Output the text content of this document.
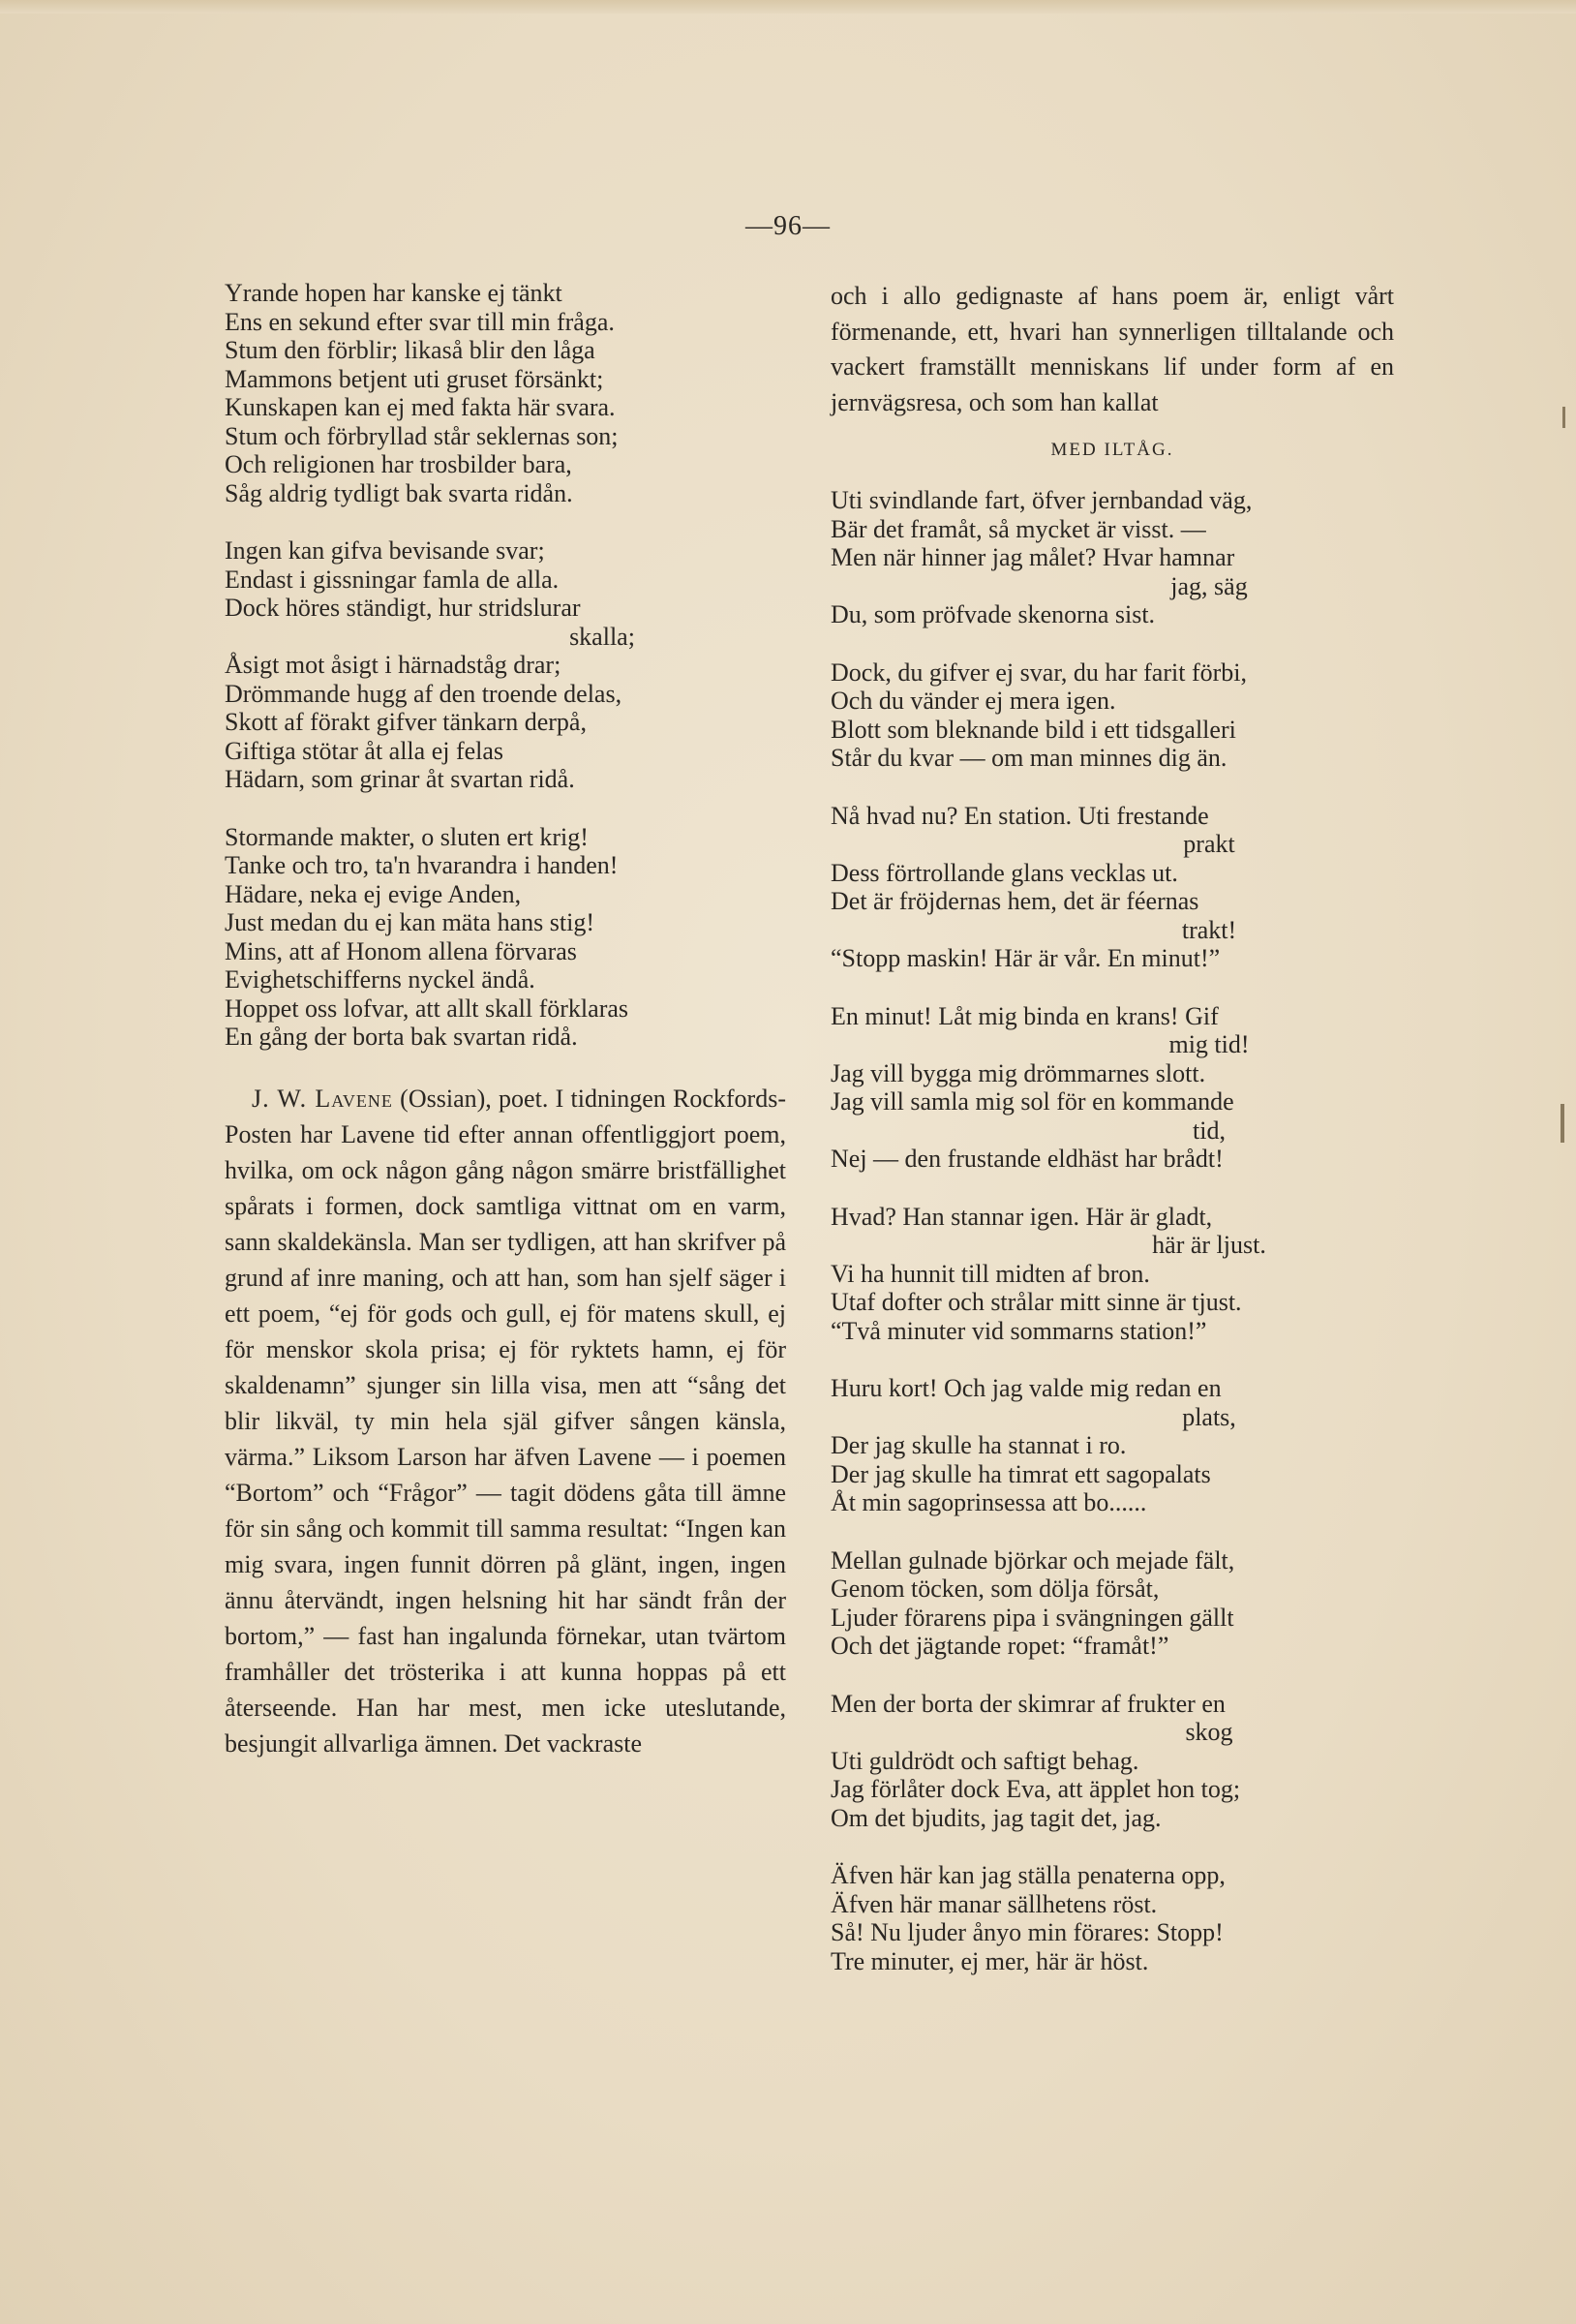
—96—
Yrande hopen har kanske ej tänkt
Ens en sekund efter svar till min fråga.
Stum den förblir; likaså blir den låga
Mammons betjent uti gruset försänkt;
Kunskapen kan ej med fakta här svara.
Stum och förbryllad står seklernas son;
Och religionen har trosbilder bara,
Såg aldrig tydligt bak svarta ridån.
Ingen kan gifva bevisande svar;
Endast i gissningar famla de alla.
Dock höres ständigt, hur stridslurar
skalla;
Åsigt mot åsigt i härnadståg drar;
Drömmande hugg af den troende delas,
Skott af förakt gifver tänkarn derpå,
Giftiga stötar åt alla ej felas
Hädarn, som grinar åt svartan ridå.
Stormande makter, o sluten ert krig!
Tanke och tro, ta'n hvarandra i handen!
Hädare, neka ej evige Anden,
Just medan du ej kan mäta hans stig!
Mins, att af Honom allena förvaras
Evighetschifferns nyckel ändå.
Hoppet oss lofvar, att allt skall förklaras
En gång der borta bak svartan ridå.

J. W. Lavene (Ossian), poet. I tidningen Rockfords-Posten har Lavene tid efter annan offentliggjort poem, hvilka, om ock någon gång någon smärre bristfällighet spårats i formen, dock samtliga vittnat om en varm, sann skaldekänsla. Man ser tydligen, att han skrifver på grund af inre maning, och att han, som han sjelf säger i ett poem, “ej för gods och gull, ej för matens skull, ej för menskor skola prisa; ej för ryktets hamn, ej för skaldenamn” sjunger sin lilla visa, men att “sång det blir likväl, ty min hela själ gifver sången känsla, värma.” Liksom Larson har äfven Lavene — i poemen “Bortom” och “Frågor” — tagit dödens gåta till ämne för sin sång och kommit till samma resultat: “Ingen kan mig svara, ingen funnit dörren på glänt, ingen, ingen ännu återvändt, ingen helsning hit har sändt från der bortom,” — fast han ingalunda förnekar, utan tvärtom framhåller det trösterika i att kunna hoppas på ett återseende. Han har mest, men icke uteslutande, besjungit allvarliga ämnen. Det vackraste

och i allo gedignaste af hans poem är, enligt vårt förmenande, ett, hvari han synnerligen tilltalande och vackert framställt menniskans lif under form af en jernvägsresa, och som han kallat
MED ILTÅG.
Uti svindlande fart, öfver jernbandad väg,
Bär det framåt, så mycket är visst. —
Men när hinner jag målet? Hvar hamnar
jag, säg
Du, som pröfvade skenorna sist.
Dock, du gifver ej svar, du har farit förbi,
Och du vänder ej mera igen.
Blott som bleknande bild i ett tidsgalleri
Står du kvar — om man minnes dig än.
Nå hvad nu? En station. Uti frestande
prakt
Dess förtrollande glans vecklas ut.
Det är fröjdernas hem, det är féernas
trakt!
“Stopp maskin! Här är vår. En minut!”
En minut! Låt mig binda en krans! Gif
mig tid!
Jag vill bygga mig drömmarnes slott.
Jag vill samla mig sol för en kommande
tid,
Nej — den frustande eldhäst har brådt!
Hvad? Han stannar igen. Här är gladt,
här är ljust.
Vi ha hunnit till midten af bron.
Utaf dofter och strålar mitt sinne är tjust.
“Två minuter vid sommarns station!”
Huru kort! Och jag valde mig redan en
plats,
Der jag skulle ha stannat i ro.
Der jag skulle ha timrat ett sagopalats
Åt min sagoprinsessa att bo......
Mellan gulnade björkar och mejade fält,
Genom töcken, som dölja försåt,
Ljuder förarens pipa i svängningen gällt
Och det jägtande ropet: “framåt!”
Men der borta der skimrar af frukter en
skog
Uti guldrödt och saftigt behag.
Jag förlåter dock Eva, att äpplet hon tog;
Om det bjudits, jag tagit det, jag.
Äfven här kan jag ställa penaterna opp,
Äfven här manar sällhetens röst.
Så! Nu ljuder ånyo min förares: Stopp!
Tre minuter, ej mer, här är höst.
